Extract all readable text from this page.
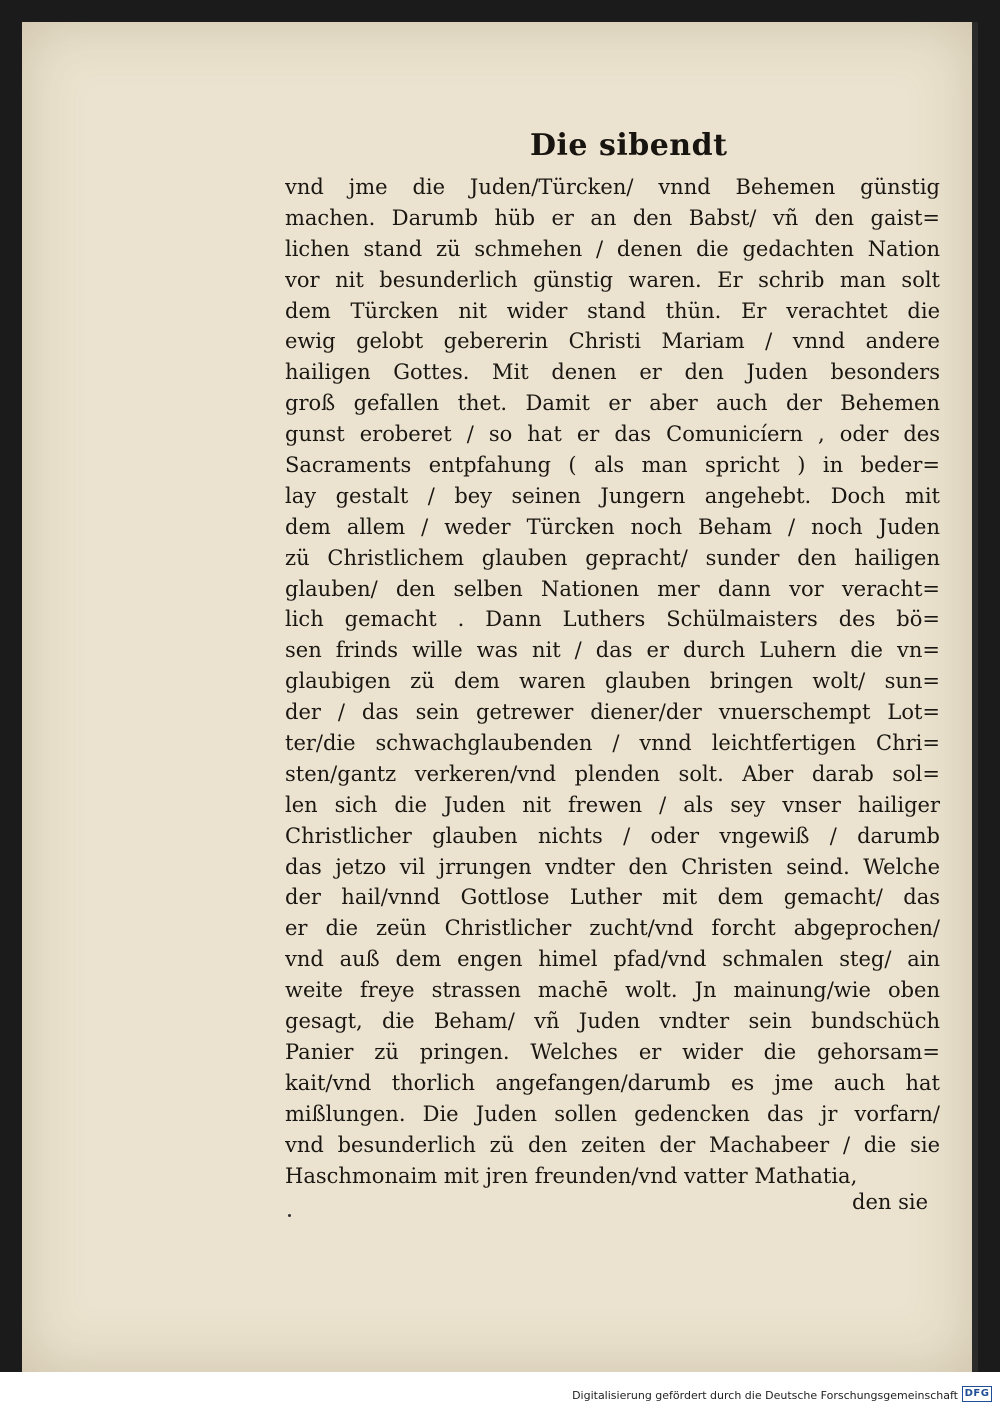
Die sibendt
vnd jme die Juden/Türcken/ vnnd Behemen günstig
machen. Darumb hüb er an den Babst/ vñ den gaist=
lichen stand zü schmehen / denen die gedachten Nation
vor nit besunderlich günstig waren. Er schrib man solt
dem Türcken nit wider stand thün. Er verachtet die
ewig gelobt gebererin Christi Mariam / vnnd andere
hailigen Gottes. Mit denen er den Juden besonders
groß gefallen thet. Damit er aber auch der Behemen
gunst eroberet / so hat er das Comunicíern , oder des
Sacraments entpfahung ( als man spricht ) in beder=
lay gestalt / bey seinen Jungern angehebt. Doch mit
dem allem / weder Türcken noch Beham / noch Juden
zü Christlichem glauben gepracht/ sunder den hailigen
glauben/ den selben Nationen mer dann vor veracht=
lich gemacht . Dann Luthers Schülmaisters des bö=
sen frinds wille was nit / das er durch Luhern die vn=
glaubigen zü dem waren glauben bringen wolt/ sun=
der / das sein getrewer diener/der vnuerschempt Lot=
ter/die schwachglaubenden / vnnd leichtfertigen Chri=
sten/gantz verkeren/vnd plenden solt. Aber darab sol=
len sich die Juden nit frewen / als sey vnser hailiger
Christlicher glauben nichts / oder vngewiß / darumb
das jetzo vil jrrungen vndter den Christen seind. Welche
der hail/vnnd Gottlose Luther mit dem gemacht/ das
er die zeün Christlicher zucht/vnd forcht abgeprochen/
vnd auß dem engen himel pfad/vnd schmalen steg/ ain
weite freye strassen machē wolt. Jn mainung/wie oben
gesagt, die Beham/ vñ Juden vndter sein bundschüch
Panier zü pringen. Welches er wider die gehorsam=
kait/vnd thorlich angefangen/darumb es jme auch hat
mißlungen. Die Juden sollen gedencken das jr vorfarn/
vnd besunderlich zü den zeiten der Machabeer / die sie
Haschmonaim mit jren freunden/vnd vatter Mathatia,
den sie
Digitalisierung gefördert durch die Deutsche Forschungsgemeinschaft DFG
